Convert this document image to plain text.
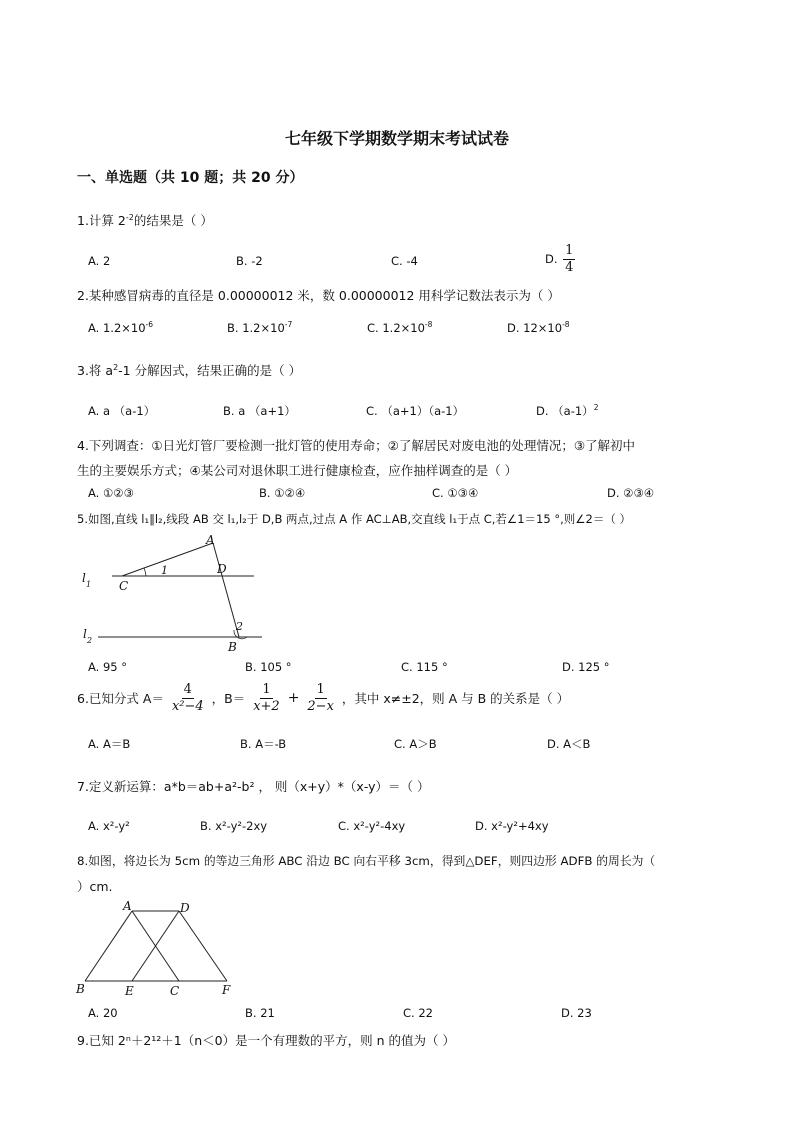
七年级下学期数学期末考试试卷
一、单选题（共 10 题；共 20 分）
1.计算 $2^{-2}$的结果是（ ）
A. 2	B. -2	C. -4	D. $\frac{1}{4}$
2.某种感冒病毒的直径是 0.00000012 米，数 0.00000012 用科学记数法表示为（ ）
A. $1.2\times 10^{-6}$	B. $1.2\times 10^{-7}$	C. $1.2\times 10^{-8}$	D. $12\times 10^{-8}$
3.将 $a^2-1$ 分解因式，结果正确的是（ ）
A. a （a-1）	B. a （a+1）	C. （a+1）（a-1）	D. $(a-1)^2$
4.下列调查：①日光灯管厂要检测一批灯管的使用寿命；②了解居民对废电池的处理情况；③了解初中
生的主要娱乐方式；④某公司对退休职工进行健康检查，应作抽样调查的是（ ）
A. ①②③	B. ①②④	C. ①③④	D. ②③④
5.如图,直线 l₁∥l₂,线段 AB 交 l₁,l₂于 D,B 两点,过点 A 作 AC⊥AB,交直线 l₁于点 C,若∠1＝15 °,则∠2＝（ ）
A
D
C
B
1
2
l 1
l 2
A. 95 °	B. 105 °	C. 115 °	D. 125 °
6.已知分式 $A= \frac{4}{\text{x²−4}}$ ，$B= \frac{1}{x+2} + \frac{1}{2-x}$ ，其中 x≠±2，则 A 与 B 的关系是（ ）
A. A＝B	B. A＝-B	C. A＞B	D. A＜B
7.定义新运算：a*b＝ab+a²-b² ， 则（x+y）*（x-y）＝（ ）
A. x²-y²	B. x²-y²-2xy	C. x²-y²-4xy	D. x²-y²+4xy
8.如图，将边长为 5cm 的等边三角形 ABC 沿边 BC 向右平移 3cm，得到△DEF，则四边形 ADFB 的周长为（
）cm.
A	D
B	E	C	F
A. 20	B. 21	C. 22	D. 23
9.已知 2ⁿ＋2¹²＋1（n＜0）是一个有理数的平方，则 n 的值为（ ）
